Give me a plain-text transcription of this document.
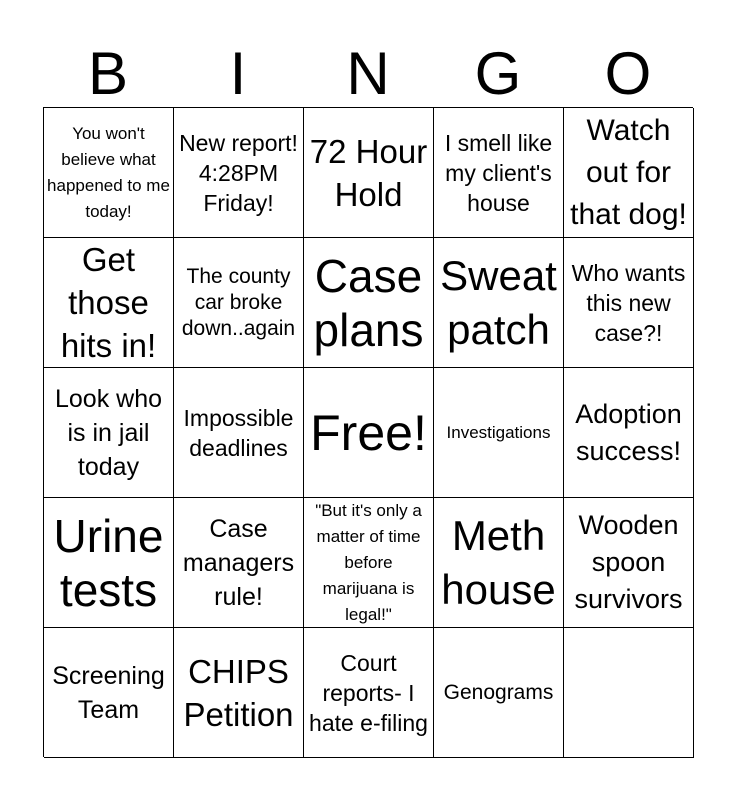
B	I	N	G	O
You won't believe what happened to me today!
New report! 4:28PM Friday!
72 Hour Hold
I smell like my client's house
Watch out for that dog!
Get those hits in!
The county car broke down..again
Case plans
Sweat patch
Who wants this new case?!
Look who is in jail today
Impossible deadlines Free! Investigations
Adoption success!
Urine tests
Case managers rule!
"But it's only a matter of time before marijuana is legal!"
Meth house
Wooden spoon survivors
Screening Team
CHIPS Petition
Court reports- I hate e-filing
Genograms
